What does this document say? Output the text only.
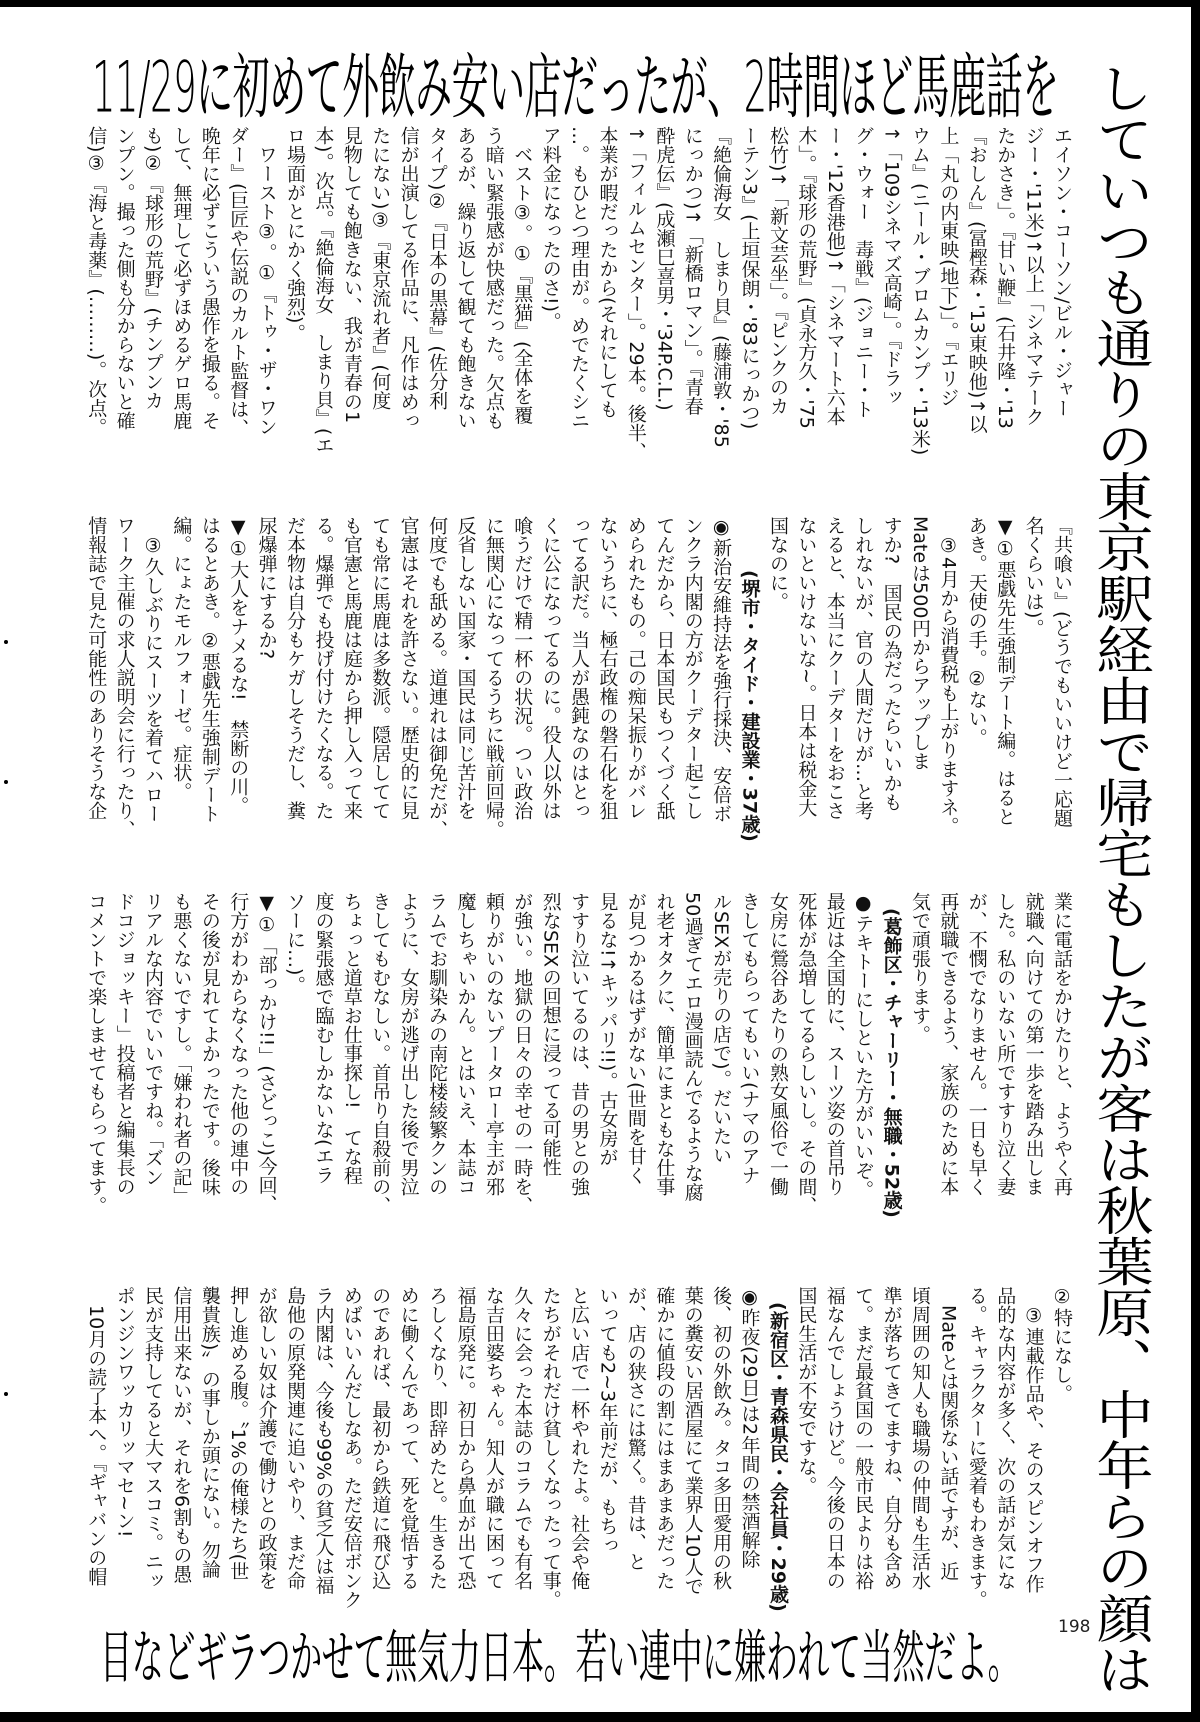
11/29に初めて外飲み安い店だったが、2時間ほど馬鹿話を していつも通りの東京駅経由で帰宅もしたが客は秋葉原、中年らの顔は
目などギラつかせて無気力日本。若い連中に嫌われて当然だよ。
エイソン・コーソン/ビル・ジャー
ジー・'11米)↑以上「シネマテーク
たかさき」。『甘い鞭』(石井隆・'13
『おしん』(冨樫森・'13東映他)↑以
上「丸の内東映(地下)」。『エリジ
ウム』(ニール・ブロムカンプ・'13米)
↑「109シネマズ高崎」。『ドラッ
グ・ウォー　毒戦』(ジョニー・ト
ー・'12香港他)↑「シネマート六本
木」。『球形の荒野』(貞永方久・'75
松竹)↑「新文芸坐」。『ピンクのカ
ーテン3』(上垣保朗・'83にっかつ)
『絶倫海女　しまり貝』(藤浦敦・'85
にっかつ)↑「新橋ロマン」。『青春
酔虎伝』(成瀬巳喜男・'34P.C.L.)
↑「フィルムセンター」。29本。後半、
本業が暇だったから(それにしても
…。もひとつ理由が。めでたくシニ
ア料金になったのさ!)。
ベスト③。①『黒猫』(全体を覆
う暗い緊張感が快感だった。欠点も
あるが、繰り返して観ても飽きない
タイプ)②『日本の黒幕』(佐分利
信が出演してる作品に、凡作はめっ
たにない)③『東京流れ者』(何度
見物しても飽きない、我が青春の1
本)。次点。『絶倫海女　しまり貝』(エ
ロ場面がとにかく強烈)。
ワースト③。①『トゥ・ザ・ワン
ダー』(巨匠や伝説のカルト監督は、
晩年に必ずこういう愚作を撮る。そ
して、無理して必ずほめるゲロ馬鹿
も)②『球形の荒野』(チンプンカ
ンプン。撮った側も分からないと確
信)③『海と毒薬』(………)。次点。
『共喰い』(どうでもいいけど一応題
名くらいは)。
▼①悪戯先生強制デート編。はると
あき。天使の手。②ない。
③4月から消費税も上がりますネ。
Mateは500円からアップしま
すか?　国民の為だったらいいかも
しれないが、官の人間だけが…と考
えると、本当にクーデターをおこさ
ないといけないな~。日本は税金大
国なのに。
(堺市・タイド・建設業・37歳)
◉新治安維持法を強行採決、安倍ボ
ンクラ内閣の方がクーデター起こし
てんだから、日本国民もつくづく舐
められたもの。己の痴呆振りがバレ
ないうちに、極右政権の磐石化を狙
ってる訳だ。当人が愚鈍なのはとっ
くに公になってるのに。役人以外は
喰うだけで精一杯の状況。つい政治
に無関心になってるうちに戦前回帰。
反省しない国家・国民は同じ苦汁を
何度でも舐める。道連れは御免だが、
官憲はそれを許さない。歴史的に見
ても常に馬鹿は多数派。隠居してて
も官憲と馬鹿は庭から押し入って来
る。爆弾でも投げ付けたくなる。た
だ本物は自分もケガしそうだし、糞
尿爆弾にするか?
▼①大人をナメるな!　禁断の川。
はるとあき。②悪戯先生強制デート
編。にょたモルフォーゼ。症状。
③久しぶりにスーツを着てハロー
ワーク主催の求人説明会に行ったり、
情報誌で見た可能性のありそうな企
業に電話をかけたりと、ようやく再
就職へ向けての第一歩を踏み出しま
した。私のいない所ですすり泣く妻
が、不憫でなりません。一日も早く
再就職できるよう、家族のために本
気で頑張ります。
(葛飾区・チャーリー・無職・52歳)
●テキトーにしといた方がいいぞ。
最近は全国的に、スーツ姿の首吊り
死体が急増してるらしいし。その間、
女房に鶯谷あたりの熟女風俗で一働
きしてもらってもいい(ナマのアナ
ルSEXが売りの店で)。だいたい
50過ぎてエロ漫画読んでるような腐
れ老オタクに、簡単にまともな仕事
が見つかるはずがない(世間を甘く
見るな!↑キッパリ!!)。古女房が
すすり泣いてるのは、昔の男との強
烈なSEXの回想に浸ってる可能性
が強い。地獄の日々の幸せの一時を、
頼りがいのないプータロー亭主が邪
魔しちゃいかん。とはいえ、本誌コ
ラムでお馴染みの南陀楼綾繁クンの
ように、女房が逃げ出した後で男泣
きしてもむなしい。首吊り自殺前の、
ちょっと道草お仕事探し!　てな程
度の緊張感で臨むしかないな(エラ
ソーに…)。
▼①「部っかけ!!」(さどっこ)今回、
行方がわからなくなった他の連中の
その後が見れてよかったです。後味
も悪くないですし。「嫌われ者の記」
リアルな内容でいいですね。「ズン
ドコジョッキー」投稿者と編集長の
コメントで楽しませてもらってます。
②特になし。
③連載作品や、そのスピンオフ作
品的な内容が多く、次の話が気にな
る。キャラクターに愛着もわきます。
Mateとは関係ない話ですが、近
頃周囲の知人も職場の仲間も生活水
準が落ちてきてますね、自分も含め
て。まだ最貧国の一般市民よりは裕
福なんでしょうけど。今後の日本の
国民生活が不安ですな。
(新宿区・青森県民・会社員・29歳)
◉昨夜(29日)は2年間の禁酒解除
後、初の外飲み。タコ多田愛用の秋
葉の糞安い居酒屋にて業界人10人で
確かに値段の割にはまあまあだった
が、店の狭さには驚く。昔は、と
いっても2~3年前だが、もちっ
と広い店で一杯やれたよ。社会や俺
たちがそれだけ貧しくなったって事。
久々に会った本誌のコラムでも有名
な吉田婆ちゃん。知人が職に困って
福島原発に。初日から鼻血が出て恐
ろしくなり、即辞めたと。生きるた
めに働くんであって、死を覚悟する
のであれば、最初から鉄道に飛び込
めばいいんだしなあ。ただ安倍ボンク
ラ内閣は、今後も99%の貧乏人は福
島他の原発関連に追いやり、まだ命
が欲しい奴は介護で働けとの政策を
押し進める腹。〝1%の俺様たち(世
襲貴族)〟の事しか頭にない。勿論
信用出来ないが、それを6割もの愚
民が支持してると大マスコミ。ニッ
ポンジンワッカリッマセ~ン!
10月の読了本へ。『ギャバンの帽
198
